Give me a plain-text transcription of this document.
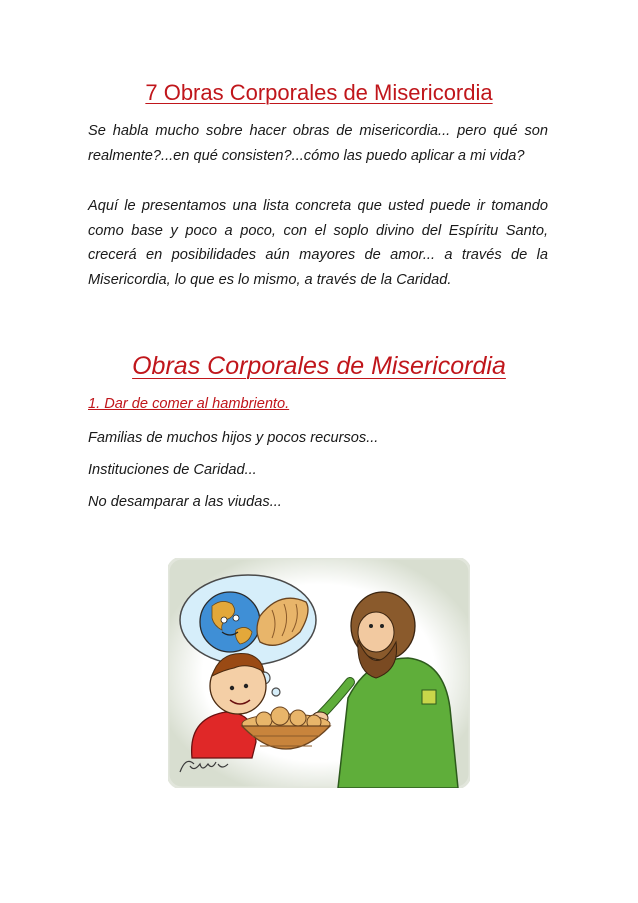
7 Obras Corporales de Misericordia

Se habla mucho sobre hacer obras de misericordia... pero qué son realmente?...en qué consisten?...cómo las puedo aplicar a mi vida?

Aquí le presentamos una lista concreta que usted puede ir tomando como base y poco a poco, con el soplo divino del Espíritu Santo, crecerá en posibilidades aún mayores de amor... a través de la Misericordia, lo que es lo mismo, a través de la Caridad.

Obras Corporales de Misericordia

1. Dar de comer al hambriento.

Familias de muchos hijos y pocos recursos...

Instituciones de Caridad...

No desamparar a las viudas...
